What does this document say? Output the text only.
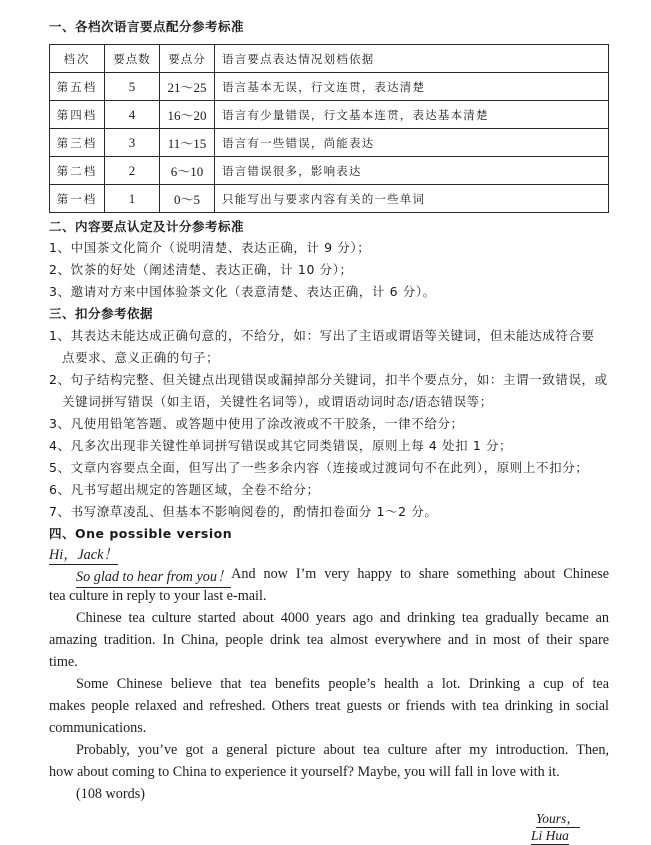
一、各档次语言要点配分参考标准
档次	要点数	要点分	语言要点表达情况划档依据
第五档	5	21～25	语言基本无误，行文连贯，表达清楚
第四档	4	16～20	语言有少量错误，行文基本连贯，表达基本清楚
第三档	3	11～15	语言有一些错误，尚能表达
第二档	2	6～10	语言错误很多，影响表达
第一档	1	0～5	只能写出与要求内容有关的一些单词
二、内容要点认定及计分参考标准
1、中国茶文化简介（说明清楚、表达正确，计 9 分）；
2、饮茶的好处（阐述清楚、表达正确，计 10 分）；
3、邀请对方来中国体验茶文化（表意清楚、表达正确，计 6 分）。
三、扣分参考依据
1、其表达未能达成正确句意的，不给分，如：写出了主语或谓语等关键词，但未能达成符合要
点要求、意义正确的句子；
2、句子结构完整、但关键点出现错误或漏掉部分关键词，扣半个要点分，如：主谓一致错误，或
关键词拼写错误（如主语，关键性名词等），或谓语动词时态/语态错误等；
3、凡使用铅笔答题、或答题中使用了涂改液或不干胶条，一律不给分；
4、凡多次出现非关键性单词拼写错误或其它同类错误，原则上每 4 处扣 1 分；
5、文章内容要点全面，但写出了一些多余内容（连接或过渡词句不在此列），原则上不扣分；
6、凡书写超出规定的答题区域，全卷不给分；
7、书写潦草凌乱、但基本不影响阅卷的，酌情扣卷面分 1～2 分。
四、One possible version
Hi，Jack！
So glad to hear from you！ And now I’m very happy to share something about Chinese
tea culture in reply to your last e-mail.
Chinese tea culture started about 4000 years ago and drinking tea gradually became an
amazing tradition. In China, people drink tea almost everywhere and in most of their spare
time.
Some Chinese believe that tea benefits people’s health a lot. Drinking a cup of tea
makes people relaxed and refreshed. Others treat guests or friends with tea drinking in social
communications.
Probably, you’ve got a general picture about tea culture after my introduction. Then,
how about coming to China to experience it yourself? Maybe, you will fall in love with it.
(108 words)
Yours，
Li Hua
